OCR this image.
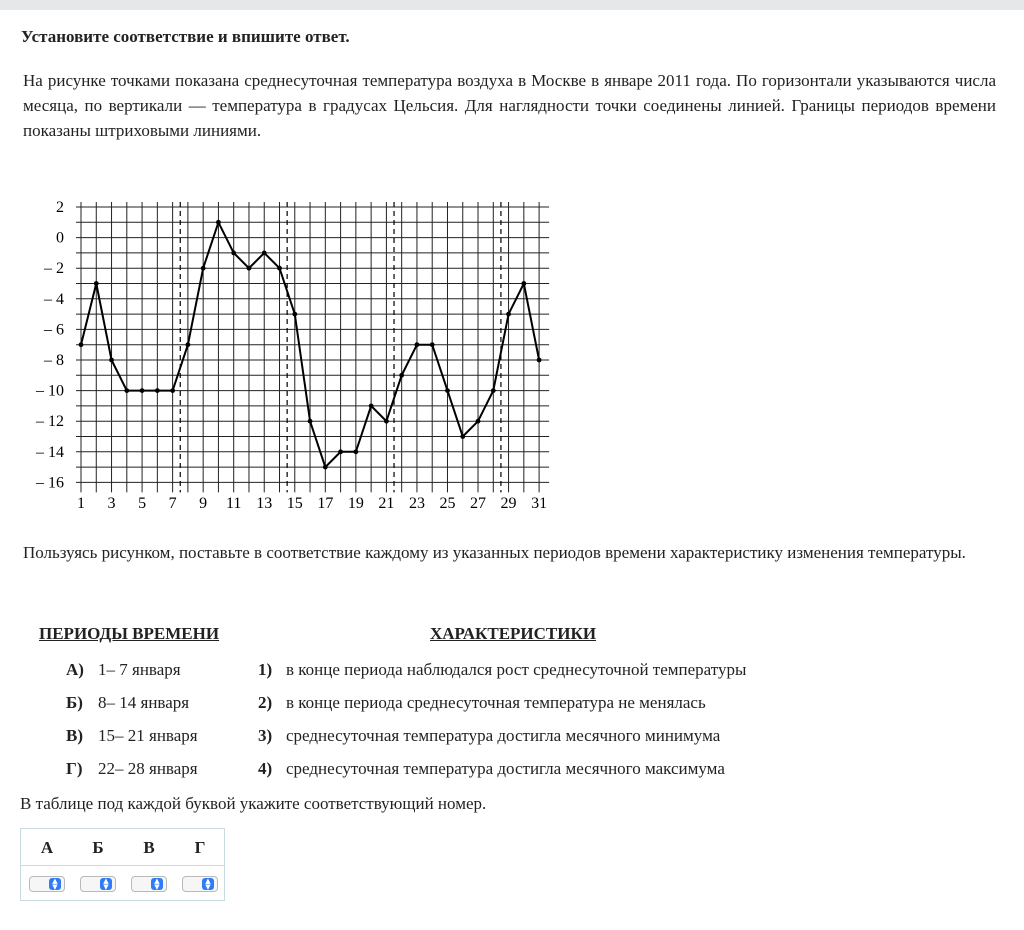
Установите соответствие и впишите ответ.

На рисунке точками показана среднесуточная температура воздуха в Москве в январе 2011 года. По горизонтали указываются числа месяца, по вертикали — температура в градусах Цельсия. Для наглядности точки соединены линией. Границы периодов времени показаны штриховыми линиями.

2
0
– 2
– 4
– 6
– 8
– 10
– 12
– 14
– 16
1 3 5 7 9 11 13 15 17 19 21 23 25 27 29 31

Пользуясь рисунком, поставьте в соответствие каждому из указанных периодов времени характеристику изменения температуры.

ПЕРИОДЫ ВРЕМЕНИ	ХАРАКТЕРИСТИКИ
А) 1– 7 января
Б) 8– 14 января
В) 15– 21 января
Г) 22– 28 января
1) в конце периода наблюдался рост среднесуточной температуры
2) в конце периода среднесуточная температура не менялась
3) среднесуточная температура достигла месячного минимума
4) среднесуточная температура достигла месячного максимума
В таблице под каждой буквой укажите соответствующий номер.
А Б В Г
▲
▼
▲
▼
▲
▼
▲
▼
